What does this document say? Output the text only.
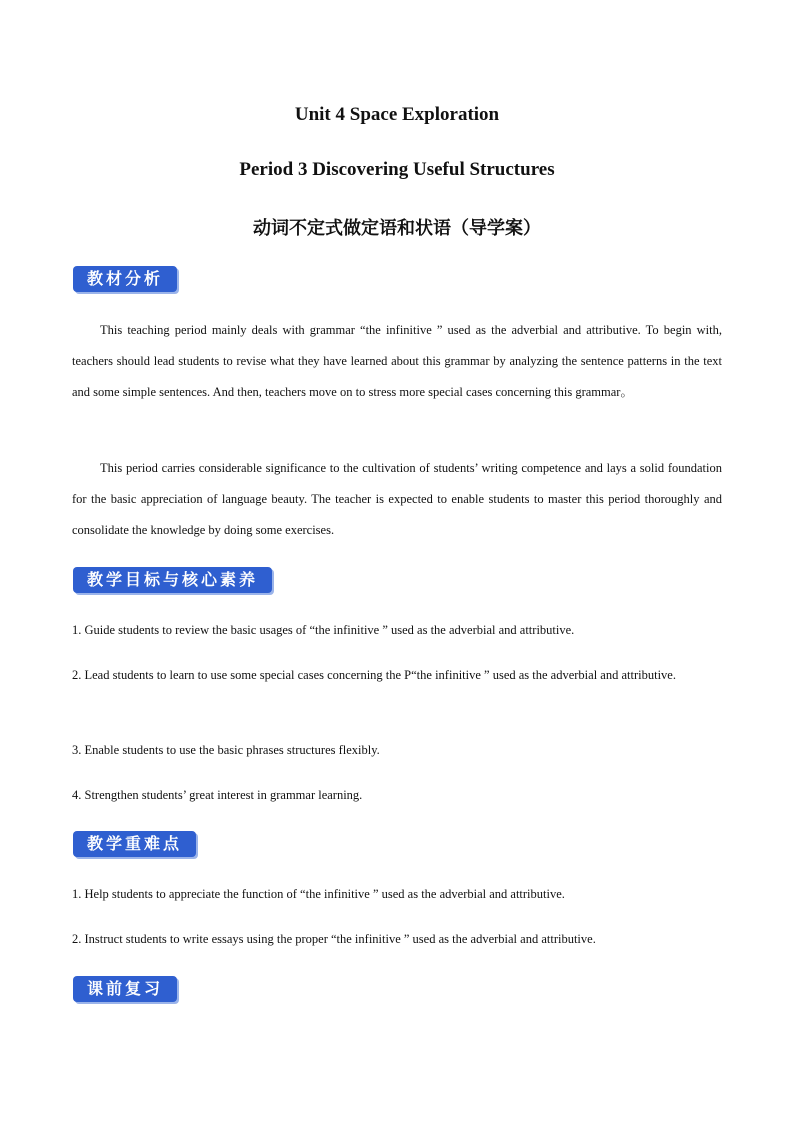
Unit 4 Space Exploration
Period 3 Discovering Useful Structures
动词不定式做定语和状语（导学案）
教材分析
This teaching period mainly deals with grammar “the infinitive ” used as the adverbial and attributive. To begin with, teachers should lead students to revise what they have learned about this grammar by analyzing the sentence patterns in the text and some simple sentences. And then, teachers move on to stress more special cases concerning this grammar。
This period carries considerable significance to the cultivation of students’ writing competence and lays a solid foundation for the basic appreciation of language beauty. The teacher is expected to enable students to master this period thoroughly and consolidate the knowledge by doing some exercises.
教学目标与核心素养
1. Guide students to review the basic usages of “the infinitive ” used as the adverbial and attributive.
2. Lead students to learn to use some special cases concerning the P“the infinitive ” used as the adverbial and attributive.
3. Enable students to use the basic phrases structures flexibly.
4. Strengthen students’ great interest in grammar learning.
教学重难点
1. Help students to appreciate the function of “the infinitive ” used as the adverbial and attributive.
2. Instruct students to write essays using the proper “the infinitive ” used as the adverbial and attributive.
课前复习
